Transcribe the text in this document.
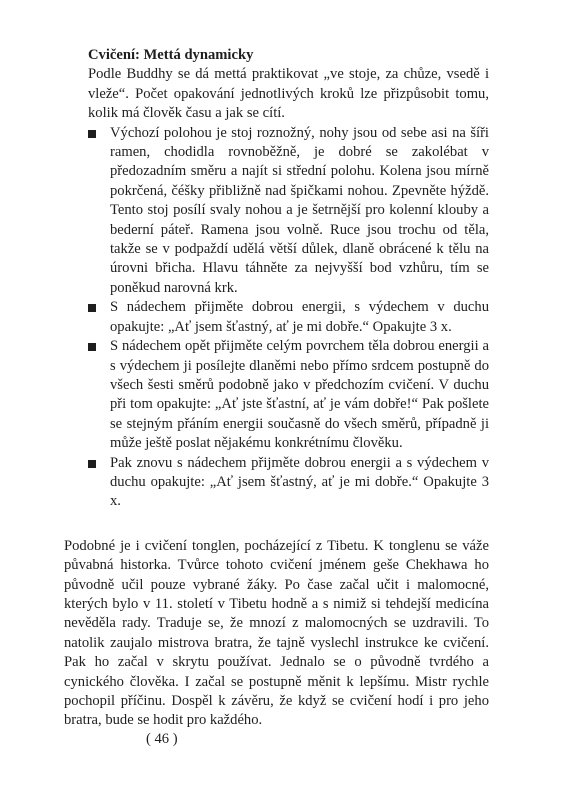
Cvičení: Mettá dynamicky

Podle Buddhy se dá mettá praktikovat „ve stoje, za chůze, vsedě i vleže“. Počet opakování jednotlivých kroků lze přizpůsobit tomu, kolik má člověk času a jak se cítí.

Výchozí polohou je stoj roznožný, nohy jsou od sebe asi na šíři ramen, chodidla rovnoběžně, je dobré se zakolébat v předozadním směru a najít si střední polohu. Kolena jsou mírně pokrčená, čéšky přibližně nad špičkami nohou. Zpevněte hýždě. Tento stoj posílí svaly nohou a je šetrnější pro kolenní klouby a bederní páteř. Ramena jsou volně. Ruce jsou trochu od těla, takže se v podpaždí udělá větší důlek, dlaně obrácené k tělu na úrovni břicha. Hlavu táhněte za nejvyšší bod vzhůru, tím se poněkud narovná krk.
S nádechem přijměte dobrou energii, s výdechem v duchu opakujte: „Ať jsem šťastný, ať je mi dobře.“ Opakujte 3 x.
S nádechem opět přijměte celým povrchem těla dobrou energii a s výdechem ji posílejte dlaněmi nebo přímo srdcem postupně do všech šesti směrů podobně jako v předchozím cvičení. V duchu při tom opakujte: „Ať jste šťastní, ať je vám dobře!“ Pak pošlete se stejným přáním energii současně do všech směrů, případně ji může ještě poslat nějakému konkrétnímu člověku.
Pak znovu s nádechem přijměte dobrou energii a s výdechem v duchu opakujte: „Ať jsem šťastný, ať je mi dobře.“ Opakujte 3 x.

Podobné je i cvičení tonglen, pocházející z Tibetu. K tonglenu se váže půvabná historka. Tvůrce tohoto cvičení jménem geše Chekhawa ho původně učil pouze vybrané žáky. Po čase začal učit i malomocné, kterých bylo v 11. století v Tibetu hodně a s nimiž si tehdejší medicína nevěděla rady. Traduje se, že mnozí z malomocných se uzdravili. To natolik zaujalo mistrova bratra, že tajně vyslechl instrukce ke cvičení. Pak ho začal v skrytu používat. Jednalo se o původně tvrdého a cynického člověka. I začal se postupně měnit k lepšímu. Mistr rychle pochopil příčinu. Dospěl k závěru, že když se cvičení hodí i pro jeho bratra, bude se hodit pro každého.

( 46 )
